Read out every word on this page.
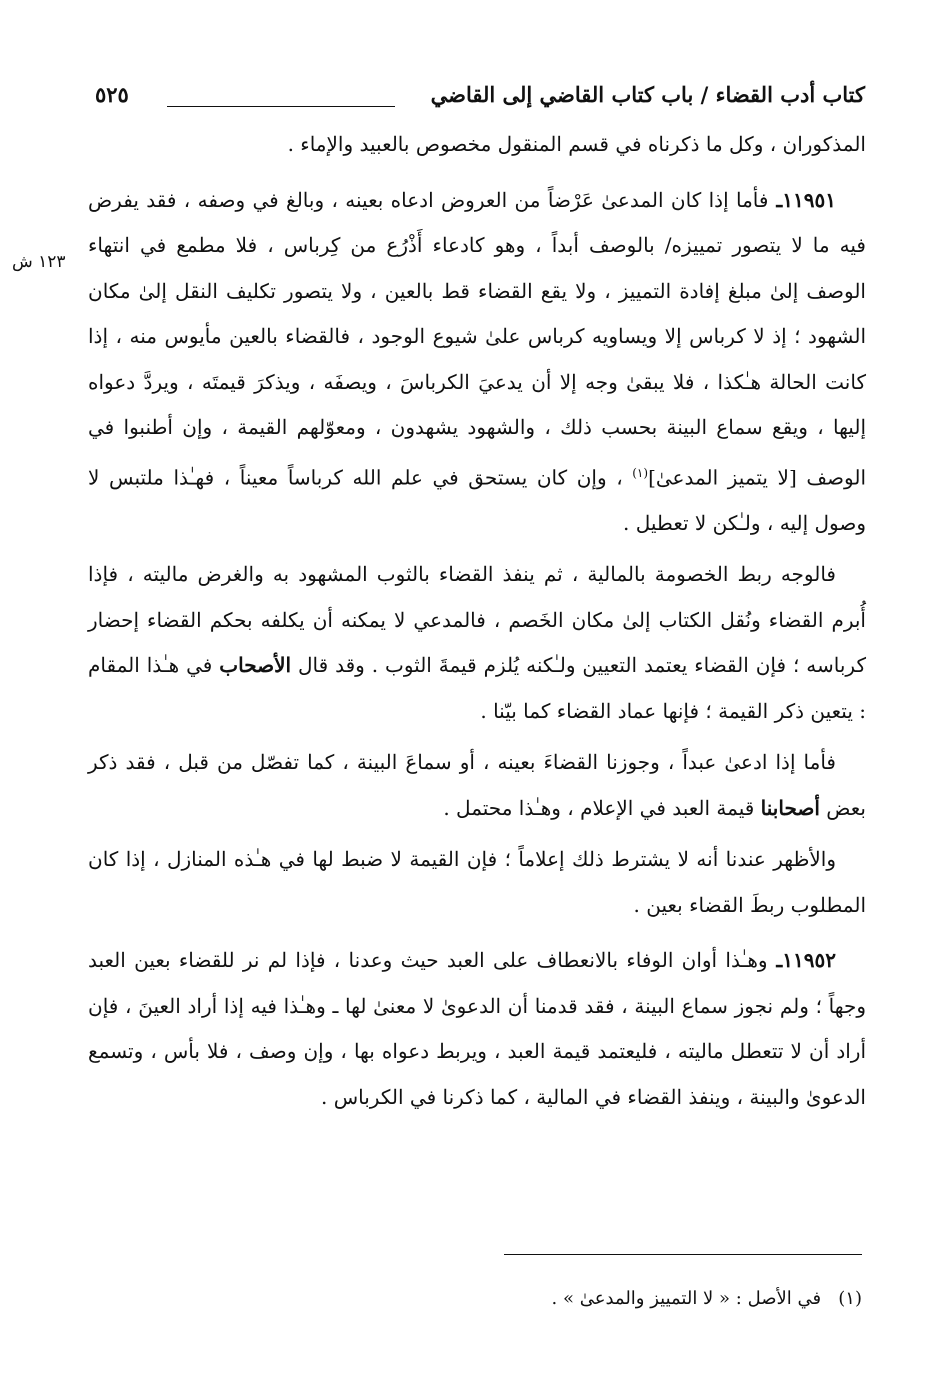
كتاب أدب القضاء / باب كتاب القاضي إلى القاضي
٥٢٥
١٢٣ ش

المذكوران ، وكل ما ذكرناه في قسم المنقول مخصوص بالعبيد والإماء .

١١٩٥١ـ فأما إذا كان المدعىٰ عَرْضاً من العروض ادعاه بعينه ، وبالغ في وصفه ، فقد يفرض فيه ما لا يتصور تمييزه/ بالوصف أبداً ، وهو كادعاء أَذْرُع من كِرباس ، فلا مطمع في انتهاء الوصف إلىٰ مبلغ إفادة التمييز ، ولا يقع القضاء قط بالعين ، ولا يتصور تكليف النقل إلىٰ مكان الشهود ؛ إذ لا كرباس إلا ويساويه كرباس علىٰ شيوع الوجود ، فالقضاء بالعين مأيوس منه ، إذا كانت الحالة هـٰكذا ، فلا يبقىٰ وجه إلا أن يدعيَ الكرباسَ ، ويصفَه ، ويذكرَ قيمتَه ، ويردَّ دعواه إليها ، ويقع سماع البينة بحسب ذلك ، والشهود يشهدون ، ومعوّلهم القيمة ، وإن أطنبوا في الوصف [لا يتميز المدعىٰ]$^{(١)}$ ، وإن كان يستحق في علم الله كرباساً معيناً ، فهـٰذا ملتبس لا وصول إليه ، ولـٰكن لا تعطيل .

فالوجه ربط الخصومة بالمالية ، ثم ينفذ القضاء بالثوب المشهود به والغرض ماليته ، فإذا أُبرم القضاء ونُقل الكتاب إلىٰ مكان الخَصم ، فالمدعي لا يمكنه أن يكلفه بحكم القضاء إحضار كرباسه ؛ فإن القضاء يعتمد التعيين ولـٰكنه يُلزم قيمةَ الثوب . وقد قال الأصحاب في هـٰذا المقام : يتعين ذكر القيمة ؛ فإنها عماد القضاء كما بيّنا .

فأما إذا ادعىٰ عبداً ، وجوزنا القضاءَ بعينه ، أو سماعَ البينة ، كما تفصّل من قبل ، فقد ذكر بعض أصحابنا قيمة العبد في الإعلام ، وهـٰذا محتمل .

والأظهر عندنا أنه لا يشترط ذلك إعلاماً ؛ فإن القيمة لا ضبط لها في هـٰذه المنازل ، إذا كان المطلوب ربطَ القضاء بعين .

١١٩٥٢ـ وهـٰذا أوان الوفاء بالانعطاف على العبد حيث وعدنا ، فإذا لم نر للقضاء بعين العبد وجهاً ؛ ولم نجوز سماع البينة ، فقد قدمنا أن الدعوىٰ لا معنىٰ لها ـ وهـٰذا فيه إذا أراد العينَ ، فإن أراد أن لا تتعطل ماليته ، فليعتمد قيمة العبد ، ويربط دعواه بها ، وإن وصف ، فلا بأس ، وتسمع الدعوىٰ والبينة ، وينفذ القضاء في المالية ، كما ذكرنا في الكرباس .

(١)   في الأصل : « لا التمييز والمدعىٰ » .
